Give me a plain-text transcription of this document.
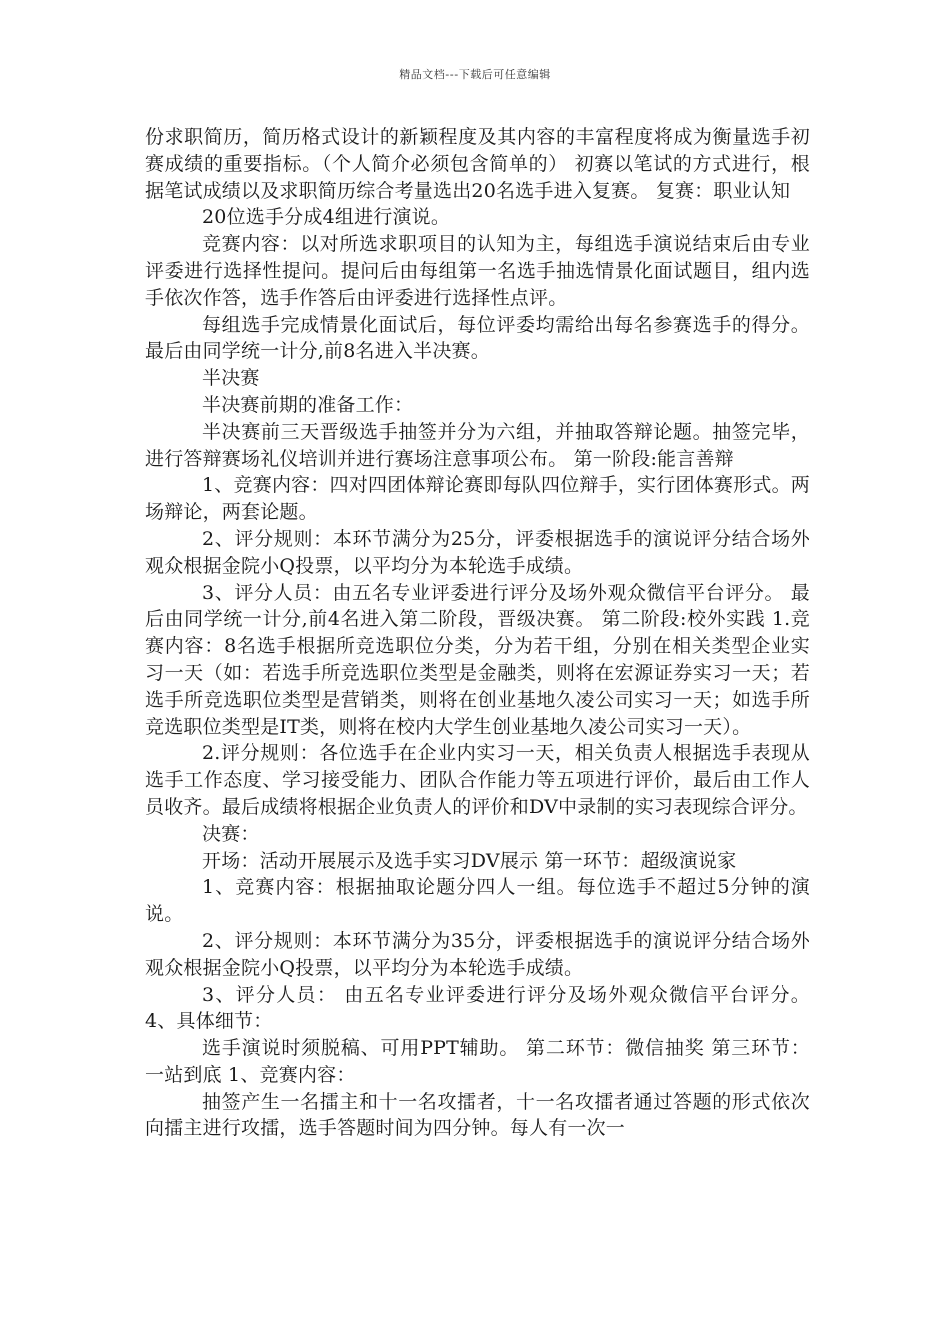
精品文档---下载后可任意编辑

份求职简历，简历格式设计的新颖程度及其内容的丰富程度将成为衡量选手初赛成绩的重要指标。（个人简介必须包含简单的） 初赛以笔试的方式进行，根据笔试成绩以及求职简历综合考量选出20名选手进入复赛。 复赛：职业认知

20位选手分成4组进行演说。

竞赛内容：以对所选求职项目的认知为主，每组选手演说结束后由专业评委进行选择性提问。提问后由每组第一名选手抽选情景化面试题目，组内选手依次作答，选手作答后由评委进行选择性点评。

每组选手完成情景化面试后，每位评委均需给出每名参赛选手的得分。最后由同学统一计分,前8名进入半决赛。

半决赛

半决赛前期的准备工作：

半决赛前三天晋级选手抽签并分为六组，并抽取答辩论题。抽签完毕，进行答辩赛场礼仪培训并进行赛场注意事项公布。 第一阶段:能言善辩

1、竞赛内容：四对四团体辩论赛即每队四位辩手，实行团体赛形式。两场辩论，两套论题。

2、评分规则：本环节满分为25分，评委根据选手的演说评分结合场外观众根据金院小Q投票，以平均分为本轮选手成绩。

3、评分人员：由五名专业评委进行评分及场外观众微信平台评分。 最后由同学统一计分,前4名进入第二阶段，晋级决赛。 第二阶段:校外实践 1.竞赛内容：8名选手根据所竞选职位分类，分为若干组，分别在相关类型企业实习一天（如：若选手所竞选职位类型是金融类，则将在宏源证券实习一天；若选手所竞选职位类型是营销类，则将在创业基地久凌公司实习一天；如选手所竞选职位类型是IT类，则将在校内大学生创业基地久凌公司实习一天）。

2.评分规则：各位选手在企业内实习一天，相关负责人根据选手表现从选手工作态度、学习接受能力、团队合作能力等五项进行评价，最后由工作人员收齐。最后成绩将根据企业负责人的评价和DV中录制的实习表现综合评分。

决赛：

开场：活动开展展示及选手实习DV展示 第一环节：超级演说家

1、竞赛内容：根据抽取论题分四人一组。每位选手不超过5分钟的演说。

2、评分规则：本环节满分为35分，评委根据选手的演说评分结合场外观众根据金院小Q投票，以平均分为本轮选手成绩。

3、评分人员： 由五名专业评委进行评分及场外观众微信平台评分。 4、具体细节：

选手演说时须脱稿、可用PPT辅助。 第二环节：微信抽奖 第三环节：一站到底 1、竞赛内容：

抽签产生一名擂主和十一名攻擂者，十一名攻擂者通过答题的形式依次向擂主进行攻擂，选手答题时间为四分钟。每人有一次一
